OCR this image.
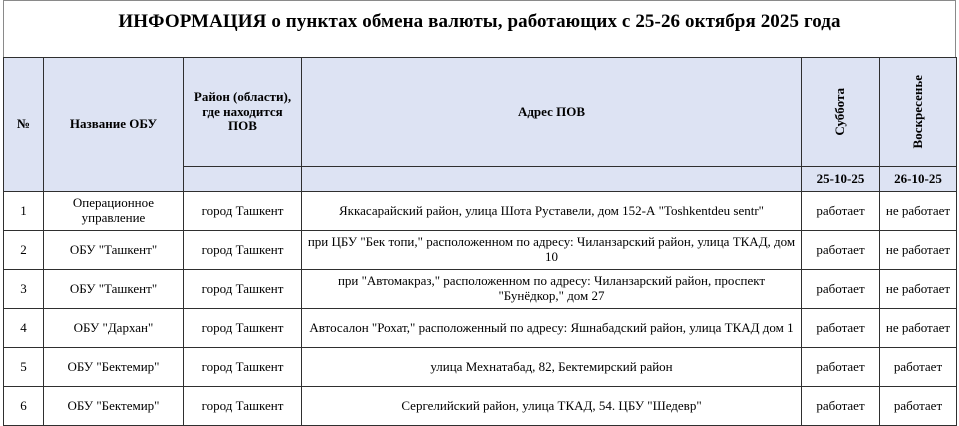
ИНФОРМАЦИЯ о пунктах обмена валюты, работающих с 25-26 октября 2025 года
№	Название ОБУ	Район (области), где находится ПОВ	Адрес ПОВ	Суббота	Воскресенье

				25-10-25	26-10-25
1	Операционное управление	город Ташкент	Яккасарайский район, улица Шота Руставели, дом 152-А "Toshkentdeu sentr"	работает	не работает
2	ОБУ "Ташкент"	город Ташкент	при ЦБУ "Бек топи," расположенном по адресу: Чиланзарский район, улица ТКАД, дом 10	работает	не работает
3	ОБУ "Ташкент"	город Ташкент	при "Автомакраз," расположенном по адресу: Чиланзарский район, проспект "Бунёдкор," дом 27	работает	не работает
4	ОБУ "Дархан"	город Ташкент	Автосалон "Рохат," расположенный по адресу: Яшнабадский район, улица ТКАД дом 1	работает	не работает
5	ОБУ "Бектемир"	город Ташкент	улица Мехнатабад, 82, Бектемирский район	работает	работает
6	ОБУ "Бектемир"	город Ташкент	Сергелийский район, улица ТКАД, 54. ЦБУ "Шедевр"	работает	работает
